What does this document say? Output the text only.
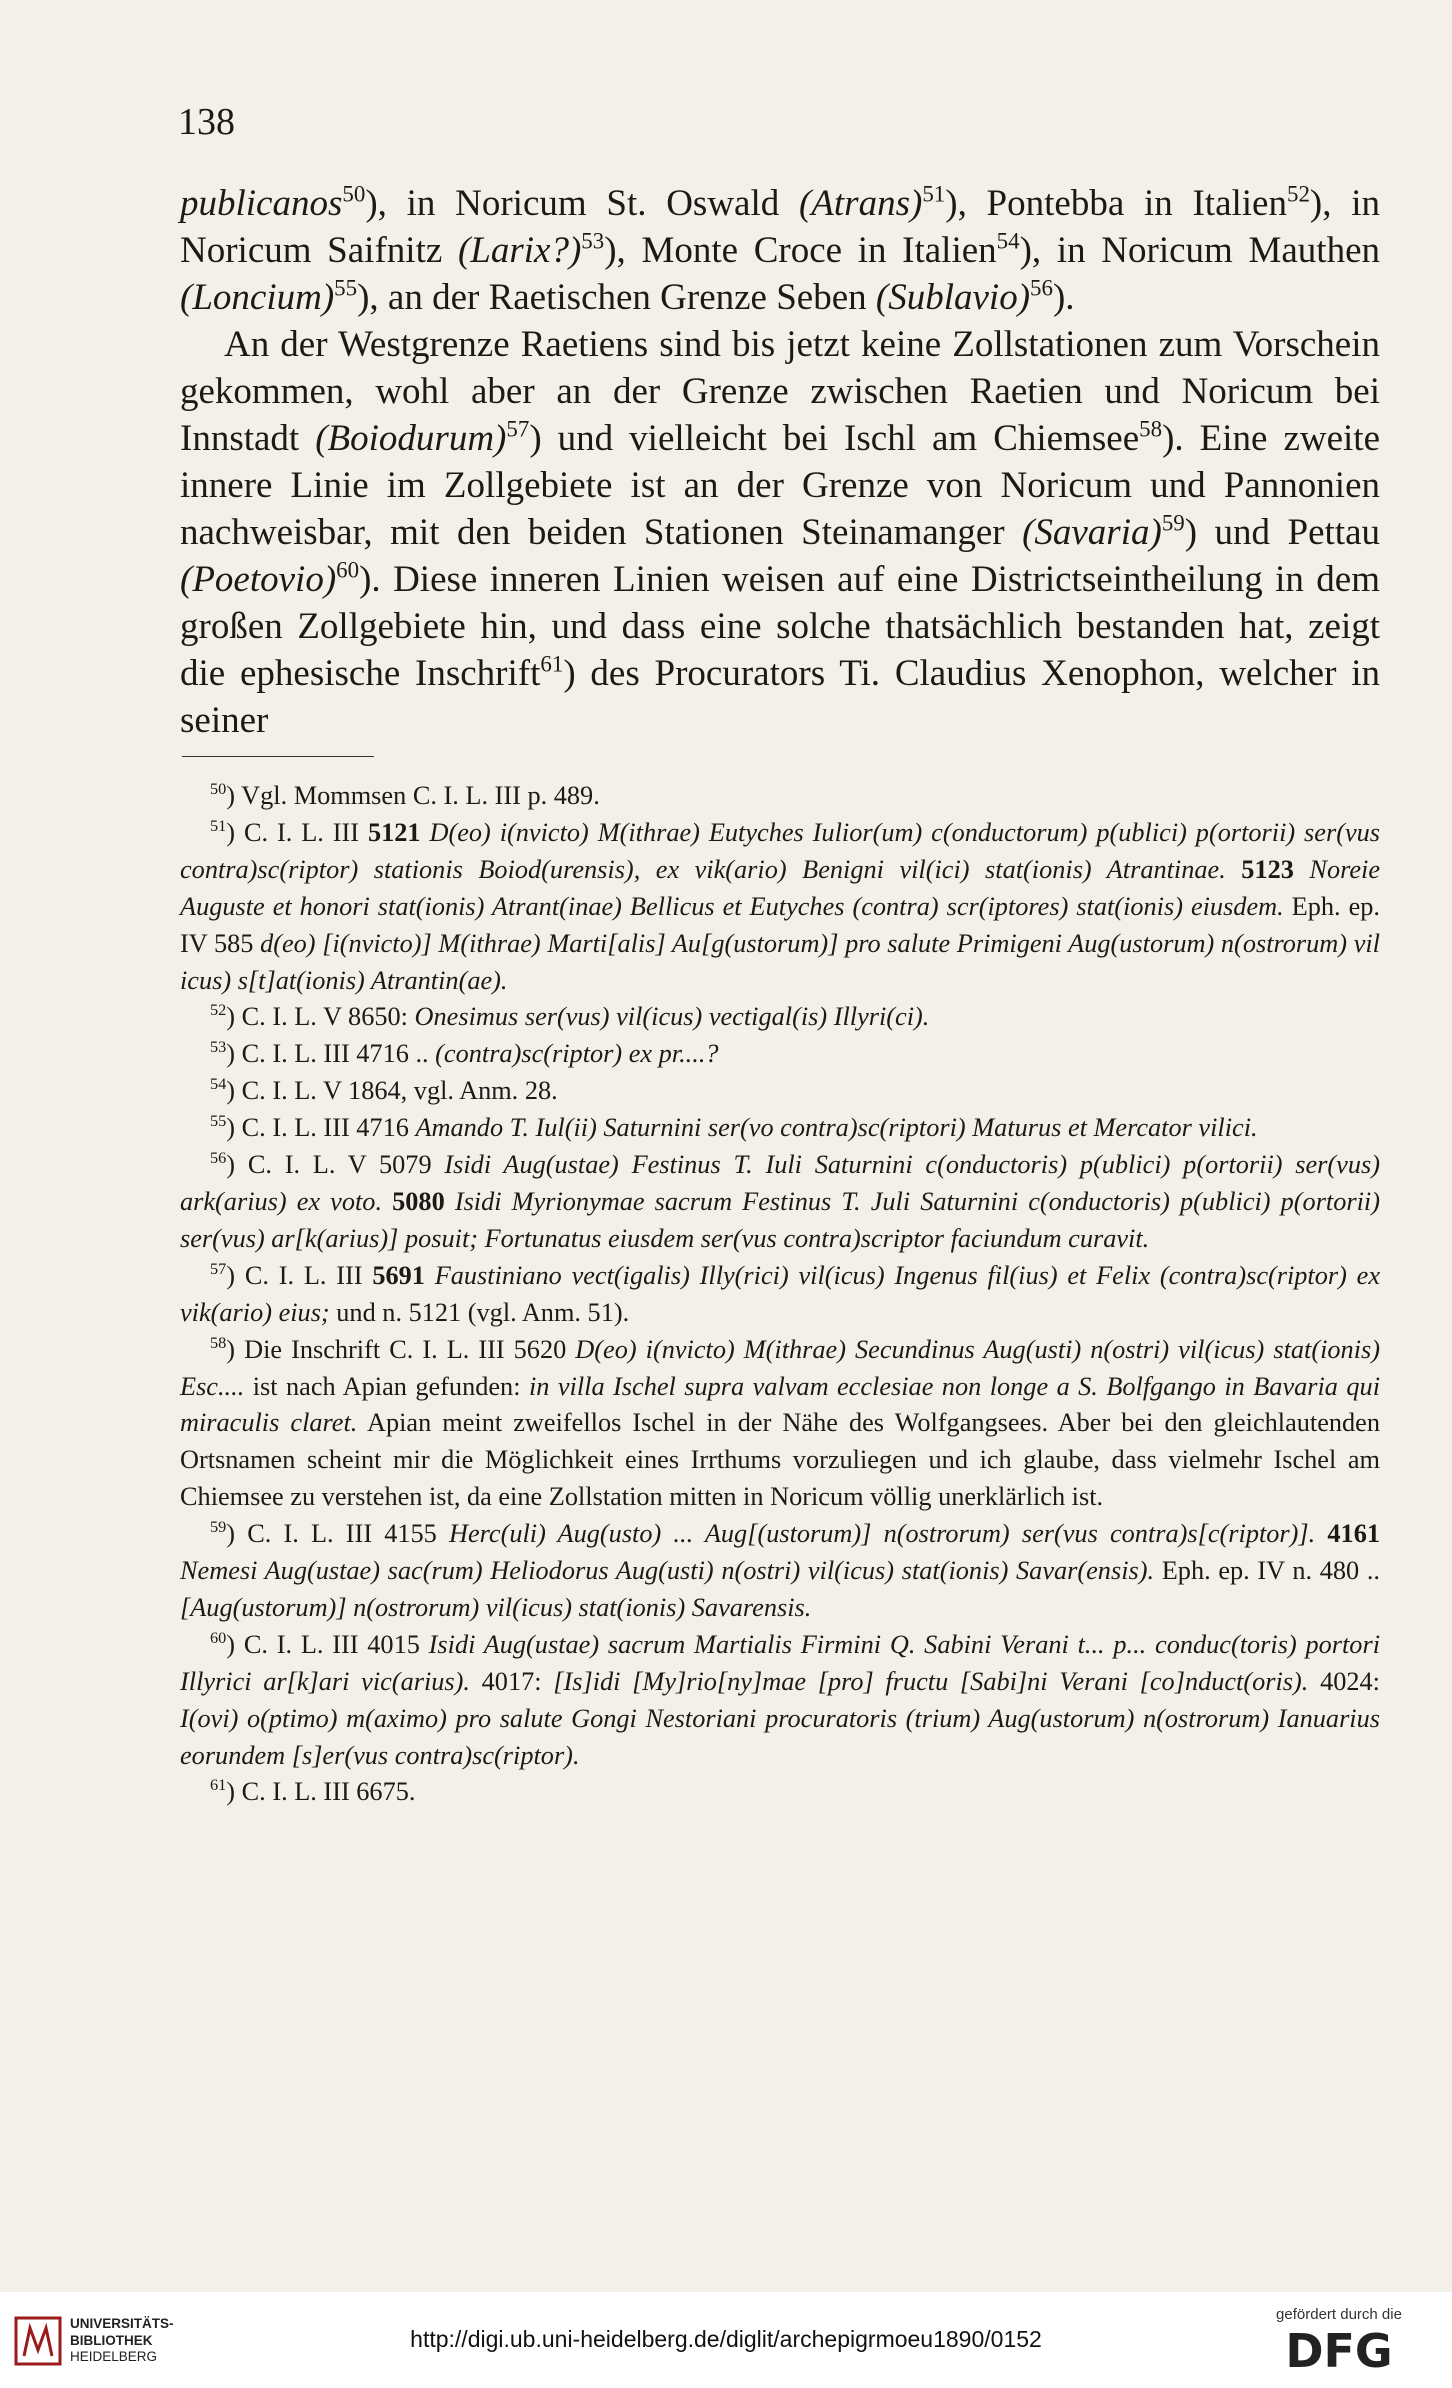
138

publicanos$^{50}$), in Noricum St. Oswald (Atrans)$^{51}$), Pontebba in Italien$^{52}$), in Noricum Saifnitz (Larix?)$^{53}$), Monte Croce in Italien$^{54}$), in Noricum Mauthen (Loncium)$^{55}$), an der Raetischen Grenze Seben (Sublavio)$^{56}$).

An der Westgrenze Raetiens sind bis jetzt keine Zollstationen zum Vorschein gekommen, wohl aber an der Grenze zwischen Raetien und Noricum bei Innstadt (Boiodurum)$^{57}$) und vielleicht bei Ischl am Chiemsee$^{58}$). Eine zweite innere Linie im Zollgebiete ist an der Grenze von Noricum und Pannonien nachweisbar, mit den beiden Stationen Steinamanger (Savaria)$^{59}$) und Pettau (Poetovio)$^{60}$). Diese inneren Linien weisen auf eine Districtseintheilung in dem großen Zollgebiete hin, und dass eine solche thatsächlich bestanden hat, zeigt die ephesische Inschrift$^{61}$) des Procurators Ti. Claudius Xenophon, welcher in seiner

$^{50}$) Vgl. Mommsen C. I. L. III p. 489.

$^{51}$) C. I. L. III 5121 D(eo) i(nvicto) M(ithrae) Eutyches Iulior(um) c(onductorum) p(ublici) p(ortorii) ser(vus contra)sc(riptor) stationis Boiod(urensis), ex vik(ario) Benigni vil(ici) stat(ionis) Atrantinae. 5123 Noreie Auguste et honori stat(ionis) Atrant(inae) Bellicus et Eutyches (contra) scr(iptores) stat(ionis) eiusdem. Eph. ep. IV 585 d(eo) [i(nvicto)] M(ithrae) Marti[alis] Au[g(ustorum)] pro salute Primigeni Aug(ustorum) n(ostrorum) vil icus) s[t]at(ionis) Atrantin(ae).

$^{52}$) C. I. L. V 8650: Onesimus ser(vus) vil(icus) vectigal(is) Illyri(ci).

$^{53}$) C. I. L. III 4716 .. (contra)sc(riptor) ex pr....?

$^{54}$) C. I. L. V 1864, vgl. Anm. 28.

$^{55}$) C. I. L. III 4716 Amando T. Iul(ii) Saturnini ser(vo contra)sc(riptori) Maturus et Mercator vilici.

$^{56}$) C. I. L. V 5079 Isidi Aug(ustae) Festinus T. Iuli Saturnini c(onductoris) p(ublici) p(ortorii) ser(vus) ark(arius) ex voto. 5080 Isidi Myrionymae sacrum Festinus T. Juli Saturnini c(onductoris) p(ublici) p(ortorii) ser(vus) ar[k(arius)] posuit; Fortunatus eiusdem ser(vus contra)scriptor faciundum curavit.

$^{57}$) C. I. L. III 5691 Faustiniano vect(igalis) Illy(rici) vil(icus) Ingenus fil(ius) et Felix (contra)sc(riptor) ex vik(ario) eius; und n. 5121 (vgl. Anm. 51).

$^{58}$) Die Inschrift C. I. L. III 5620 D(eo) i(nvicto) M(ithrae) Secundinus Aug(usti) n(ostri) vil(icus) stat(ionis) Esc.... ist nach Apian gefunden: in villa Ischel supra valvam ecclesiae non longe a S. Bolfgango in Bavaria qui miraculis claret. Apian meint zweifellos Ischel in der Nähe des Wolfgangsees. Aber bei den gleichlautenden Ortsnamen scheint mir die Möglichkeit eines Irrthums vorzuliegen und ich glaube, dass vielmehr Ischel am Chiemsee zu verstehen ist, da eine Zollstation mitten in Noricum völlig unerklärlich ist.

$^{59}$) C. I. L. III 4155 Herc(uli) Aug(usto) ... Aug[(ustorum)] n(ostrorum) ser(vus contra)s[c(riptor)]. 4161 Nemesi Aug(ustae) sac(rum) Heliodorus Aug(usti) n(ostri) vil(icus) stat(ionis) Savar(ensis). Eph. ep. IV n. 480 .. [Aug(ustorum)] n(ostrorum) vil(icus) stat(ionis) Savarensis.

$^{60}$) C. I. L. III 4015 Isidi Aug(ustae) sacrum Martialis Firmini Q. Sabini Verani t... p... conduc(toris) portori Illyrici ar[k]ari vic(arius). 4017: [Is]idi [My]rio[ny]mae [pro] fructu [Sabi]ni Verani [co]nduct(oris). 4024: I(ovi) o(ptimo) m(aximo) pro salute Gongi Nestoriani procuratoris (trium) Aug(ustorum) n(ostrorum) Ianuarius eorundem [s]er(vus contra)sc(riptor).

$^{61}$) C. I. L. III 6675.

UNIVERSITÄTS-
BIBLIOTHEK
HEIDELBERG
http://digi.ub.uni-heidelberg.de/diglit/archepigrmoeu1890/0152
gefördert durch die
DFG
